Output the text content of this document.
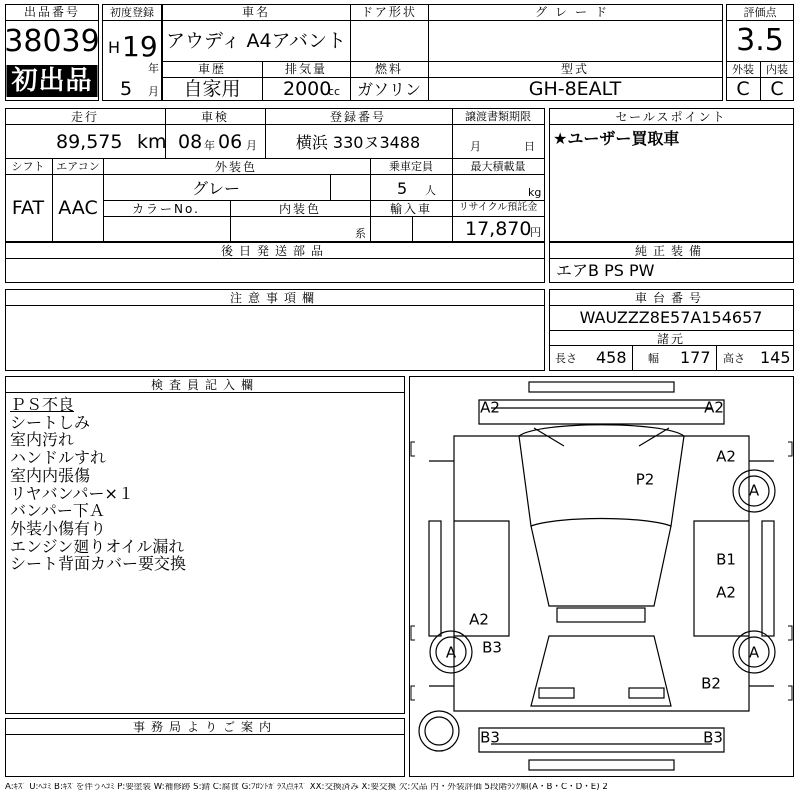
出品番号
38039
初出品
初度登録
H 19
年
5 月
車名
アウディ A4アバント
ドア形状	グレード
車歴
自家用
排気量
2000
cc
燃料
ガソリン
型式
GH-8EALT
評価点
3.5
外装 内装
C C
走行
89,575 km
車検
08 年 06 月
登録番号
横浜 330ヌ3488
譲渡書類期限
月	日
シフト エアコン
FAT AAC
外装色
グレー
乗車定員
5 人
最大積載量
kg
カラーNo.	内装色
系
輸入車	リサイクル預託金
17,870
円
セールスポイント
★ユーザー買取車
後日発送部品	純正装備
エアB PS PW
注意事項欄	車台番号
WAUZZZ8E57A154657
諸元
長さ 458 幅 177 高さ 145
検査員記入欄
ＰＳ不良
シートしみ
室内汚れ
ハンドルすれ
室内内張傷
リヤバンパー×１
バンパー下Ａ
外装小傷有り
エンジン廻りオイル漏れ
シート背面カバー要交換
事務局よりご案内
A2	A2
A2
P2
A
B1
A2
A2
A B3	A
B2
B3	B3
A:ｷｽﾞ U:ﾍｺﾐ B:ｷｽﾞを伴うﾍｺﾐ P:要塗装 W:補修跡 S:錆 C:腐食 G:ﾌﾛﾝﾄｶﾞﾗｽ点ｷｽﾞ XX:交換済み X:要交換 欠:欠品 内・外装評価 5段階ﾗﾝｸ順(A・B・C・D・E) 2
